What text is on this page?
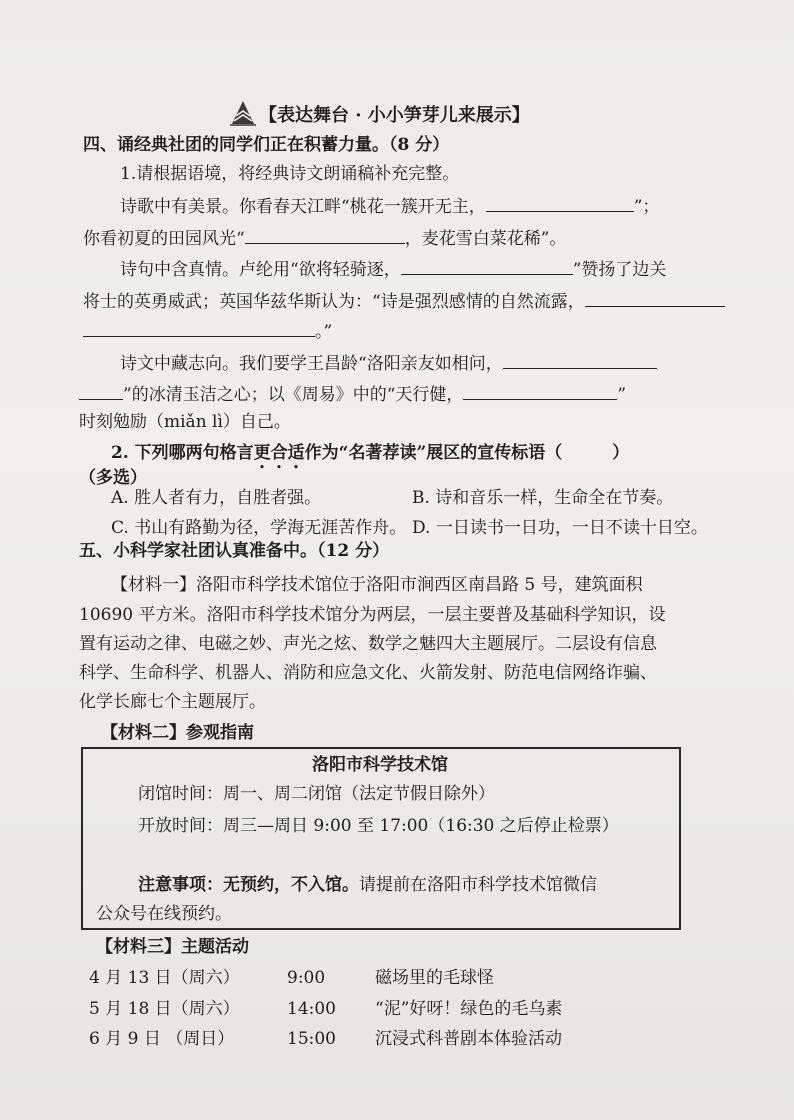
【表达舞台 · 小小笋芽儿来展示】
四、诵经典社团的同学们正在积蓄力量。（8 分）
1.请根据语境，将经典诗文朗诵稿补充完整。
诗歌中有美景。你看春天江畔“桃花一簇开无主，	”；
你看初夏的田园风光“	，麦花雪白菜花稀”。
诗句中含真情。卢纶用“欲将轻骑逐，	”赞扬了边关
将士的英勇威武；英国华兹华斯认为：“诗是强烈感情的自然流露，
。”
诗文中藏志向。我们要学王昌龄“洛阳亲友如相问，
”的冰清玉洁之心；以《周易》中的“天行健，	”
时刻勉励（miǎn lì）自己。
2. 下列哪两句格言更合适作为“名著荐读”展区的宣传标语（	）
（多选）
A. 胜人者有力，自胜者强。	B. 诗和音乐一样，生命全在节奏。
C. 书山有路勤为径，学海无涯苦作舟。 D. 一日读书一日功，一日不读十日空。
五、小科学家社团认真准备中。（12 分）
【材料一】洛阳市科学技术馆位于洛阳市涧西区南昌路 5 号，建筑面积
10690 平方米。洛阳市科学技术馆分为两层，一层主要普及基础科学知识，设
置有运动之律、电磁之妙、声光之炫、数学之魅四大主题展厅。二层设有信息
科学、生命科学、机器人、消防和应急文化、火箭发射、防范电信网络诈骗、
化学长廊七个主题展厅。
【材料二】参观指南
洛阳市科学技术馆
闭馆时间：周一、周二闭馆（法定节假日除外）
开放时间：周三—周日 9:00 至 17:00（16:30 之后停止检票）
注意事项：无预约，不入馆。请提前在洛阳市科学技术馆微信
公众号在线预约。
【材料三】主题活动
4 月 13 日（周六）	9:00	磁场里的毛球怪
5 月 18 日（周六）	14:00 “泥”好呀！绿色的毛乌素
6 月 9 日 （周日）	15:00 沉浸式科普剧本体验活动
